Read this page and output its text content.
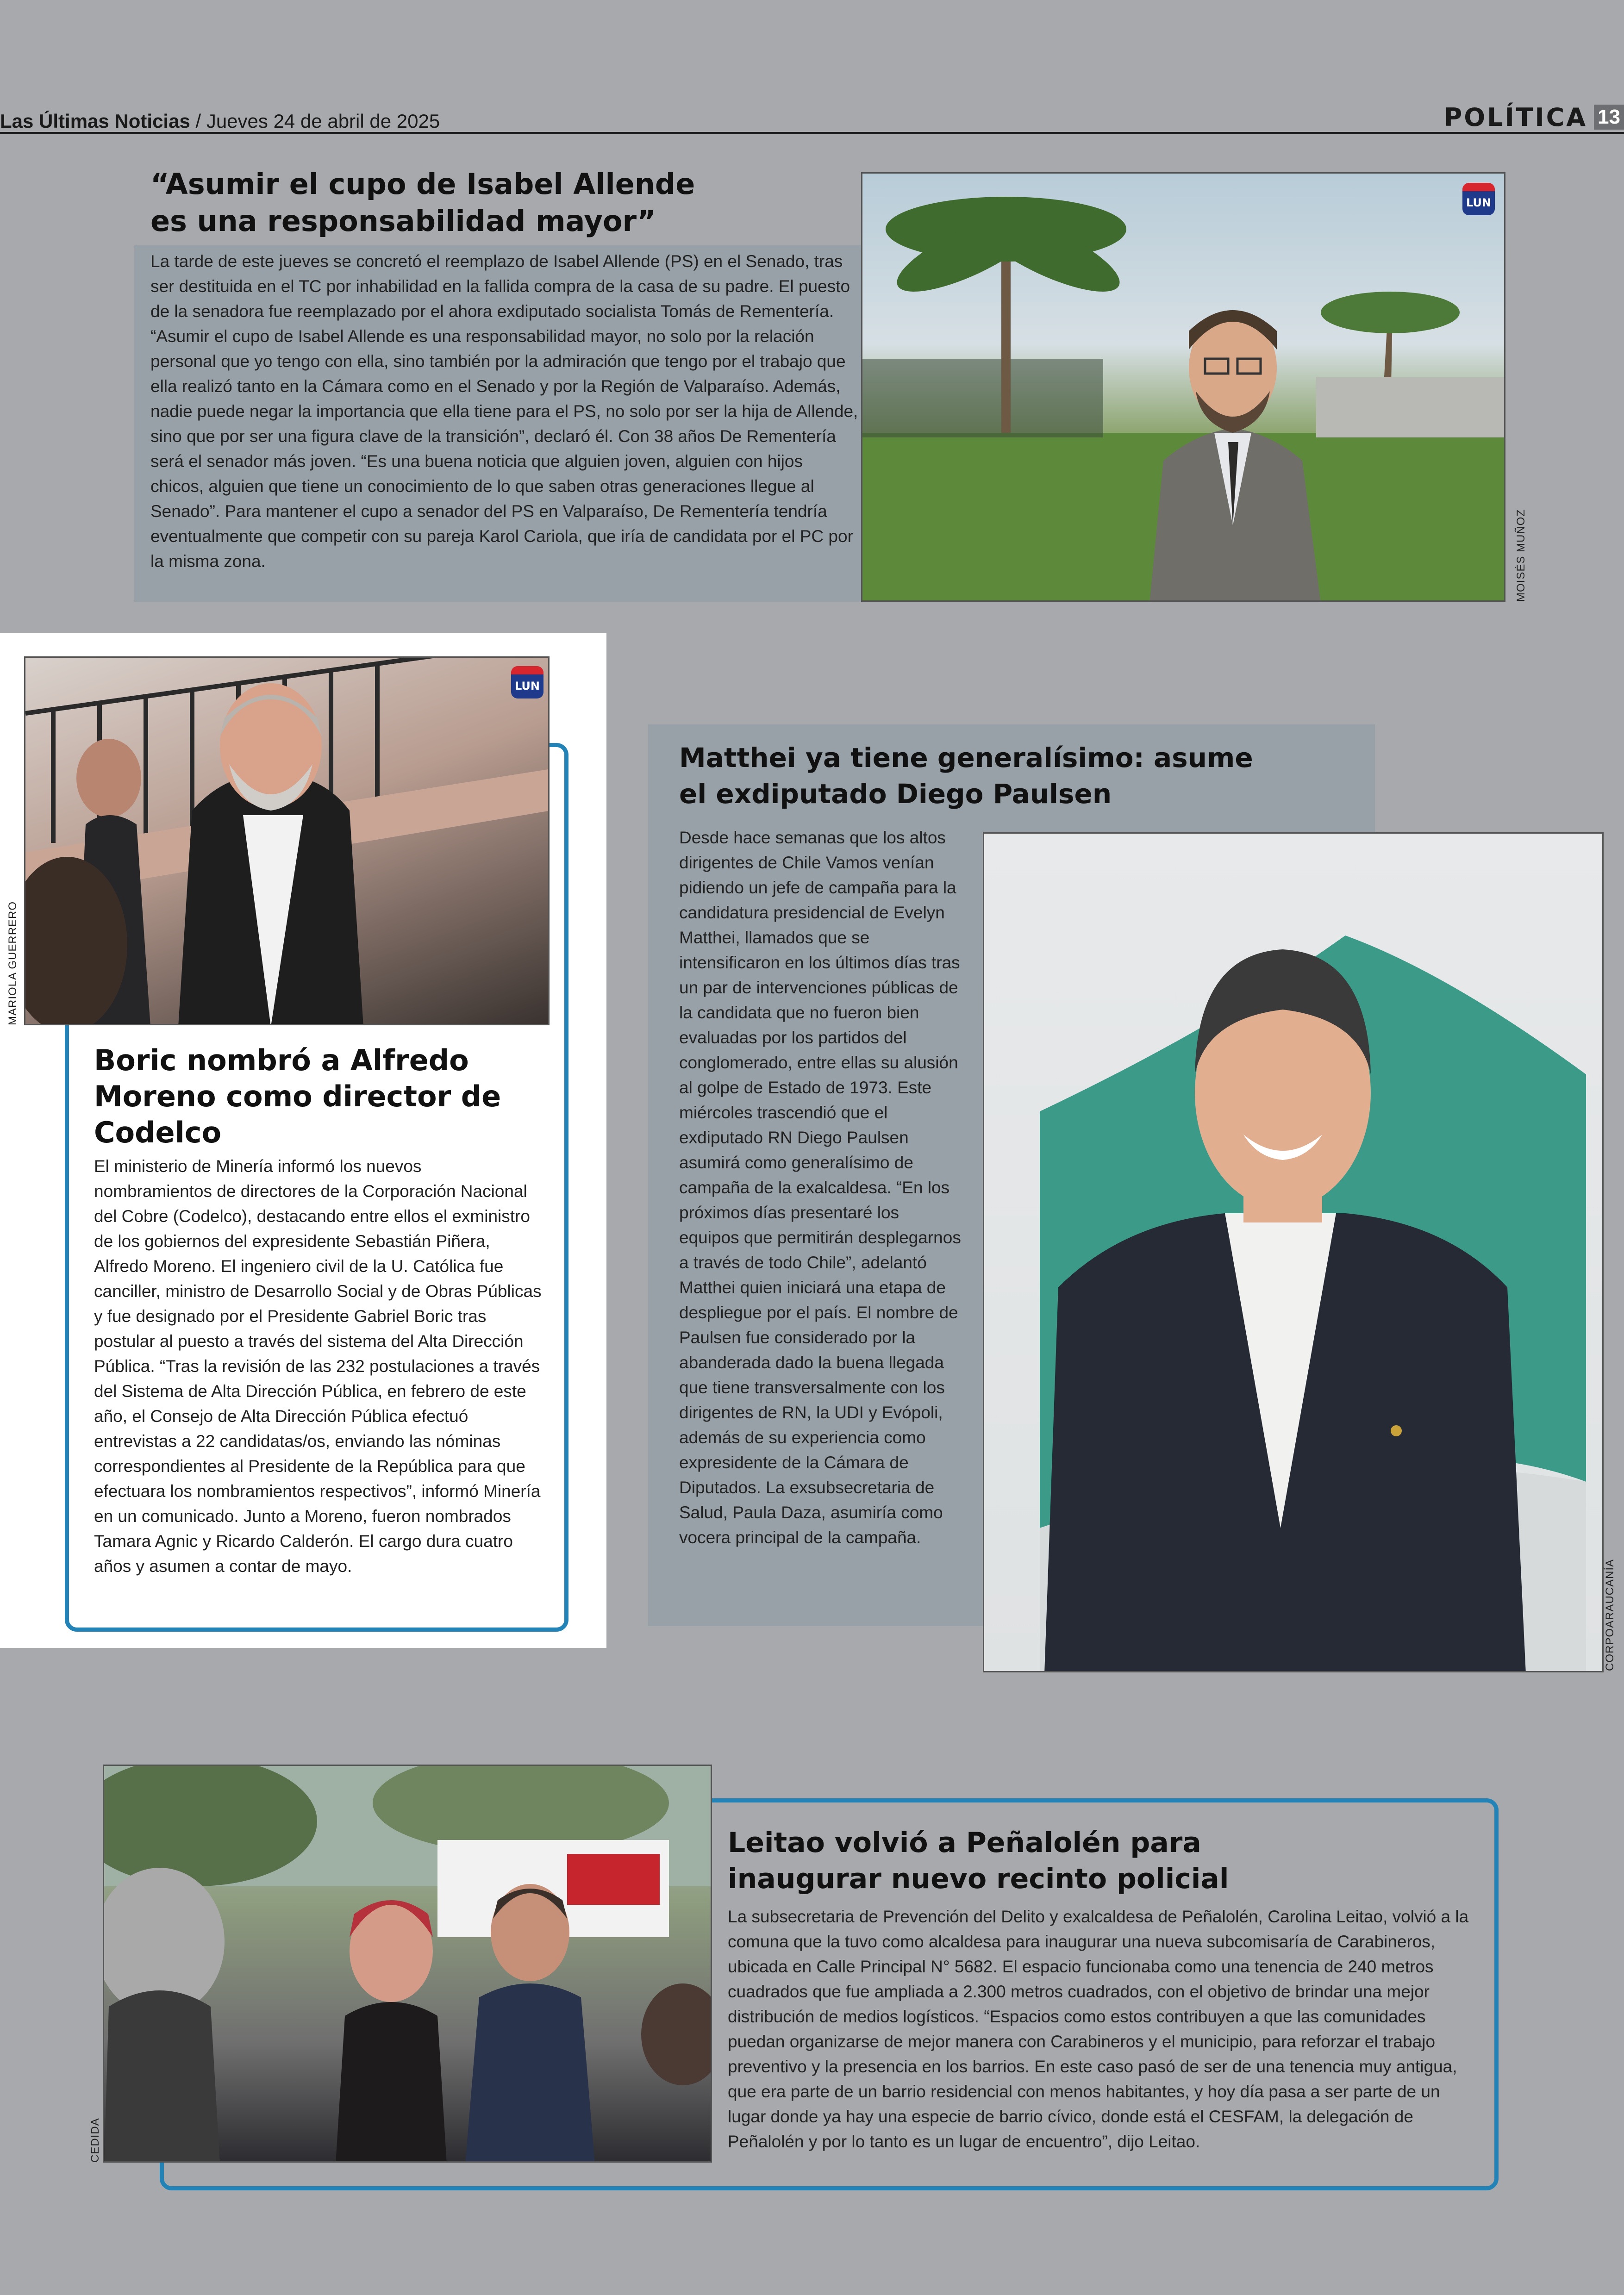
Las Últimas Noticias / Jueves 24 de abril de 2025	POLÍTICA 13
“Asumir el cupo de Isabel Allende
es una responsabilidad mayor”

La tarde de este jueves se concretó el reemplazo de Isabel Allende (PS) en el Senado, tras ser destituida en el TC por inhabilidad en la fallida compra de la casa de su padre. El puesto de la senadora fue reemplazado por el ahora exdiputado socialista Tomás de Rementería. “Asumir el cupo de Isabel Allende es una responsabilidad mayor, no solo por la relación personal que yo tengo con ella, sino también por la admiración que tengo por el trabajo que ella realizó tanto en la Cámara como en el Senado y por la Región de Valparaíso. Además, nadie puede negar la importancia que ella tiene para el PS, no solo por ser la hija de Allende, sino que por ser una figura clave de la transición”, declaró él. Con 38 años De Rementería será el senador más joven. “Es una buena noticia que alguien joven, alguien con hijos chicos, alguien que tiene un conocimiento de lo que saben otras generaciones llegue al Senado”. Para mantener el cupo a senador del PS en Valparaíso, De Rementería tendría eventualmente que competir con su pareja Karol Cariola, que iría de candidata por el PC por la misma zona.

LUN
MOISÉS MUÑOZ
LUN
MARIOLA GUERRERO
Boric nombró a Alfredo
Moreno como director de
Codelco

El ministerio de Minería informó los nuevos nombramientos de directores de la Corporación Nacional del Cobre (Codelco), destacando entre ellos el exministro de los gobiernos del expresidente Sebastián Piñera, Alfredo Moreno. El ingeniero civil de la U. Católica fue canciller, ministro de Desarrollo Social y de Obras Públicas y fue designado por el Presidente Gabriel Boric tras postular al puesto a través del sistema del Alta Dirección Pública. “Tras la revisión de las 232 postulaciones a través del Sistema de Alta Dirección Pública, en febrero de este año, el Consejo de Alta Dirección Pública efectuó entrevistas a 22 candidatas/os, enviando las nóminas correspondientes al Presidente de la República para que efectuara los nombramientos respectivos”, informó Minería en un comunicado. Junto a Moreno, fueron nombrados Tamara Agnic y Ricardo Calderón. El cargo dura cuatro años y asumen a contar de mayo.

Matthei ya tiene generalísimo: asume
el exdiputado Diego Paulsen

Desde hace semanas que los altos dirigentes de Chile Vamos venían pidiendo un jefe de campaña para la candidatura presidencial de Evelyn Matthei, llamados que se intensificaron en los últimos días tras un par de intervenciones públicas de la candidata que no fueron bien evaluadas por los partidos del conglomerado, entre ellas su alusión al golpe de Estado de 1973. Este miércoles trascendió que el exdiputado RN Diego Paulsen asumirá como generalísimo de campaña de la exalcaldesa. “En los próximos días presentaré los equipos que permitirán desplegarnos a través de todo Chile”, adelantó Matthei quien iniciará una etapa de despliegue por el país. El nombre de Paulsen fue considerado por la abanderada dado la buena llegada que tiene transversalmente con los dirigentes de RN, la UDI y Evópoli, además de su experiencia como expresidente de la Cámara de Diputados. La exsubsecretaria de Salud, Paula Daza, asumiría como vocera principal de la campaña.

CORPOARAUCANÍA
CEDIDA
Leitao volvió a Peñalolén para
inaugurar nuevo recinto policial

La subsecretaria de Prevención del Delito y exalcaldesa de Peñalolén, Carolina Leitao, volvió a la comuna que la tuvo como alcaldesa para inaugurar una nueva subcomisaría de Carabineros, ubicada en Calle Principal N° 5682. El espacio funcionaba como una tenencia de 240 metros cuadrados que fue ampliada a 2.300 metros cuadrados, con el objetivo de brindar una mejor distribución de medios logísticos. “Espacios como estos contribuyen a que las comunidades puedan organizarse de mejor manera con Carabineros y el municipio, para reforzar el trabajo preventivo y la presencia en los barrios. En este caso pasó de ser de una tenencia muy antigua, que era parte de un barrio residencial con menos habitantes, y hoy día pasa a ser parte de un lugar donde ya hay una especie de barrio cívico, donde está el CESFAM, la delegación de Peñalolén y por lo tanto es un lugar de encuentro”, dijo Leitao.
